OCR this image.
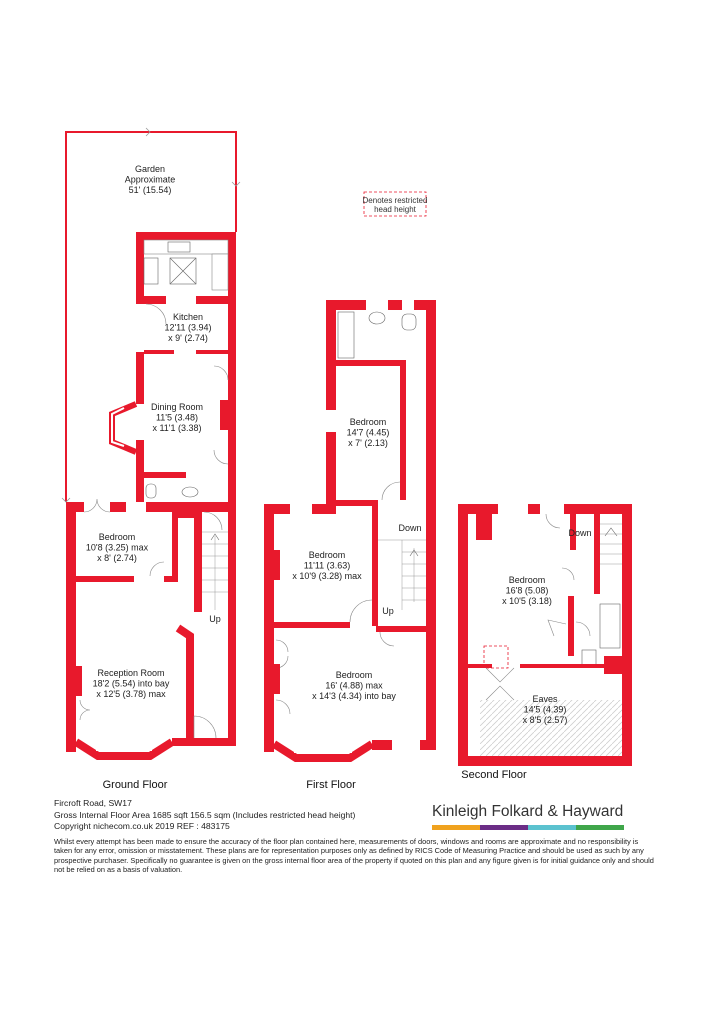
Denotes restricted
head height
Garden Approximate 51' (15.54)
Kitchen 12'11 (3.94) x 9' (2.74)
Dining Room 11'5 (3.48) x 11'1 (3.38)
Bedroom 10'8 (3.25) max x 8' (2.74)
Reception Room 18'2 (5.54) into bay x 12'5 (3.78) max
Bedroom 14'7 (4.45) x 7' (2.13)
Bedroom 11'11 (3.63) x 10'9 (3.28) max
Bedroom 16' (4.88) max x 14'3 (4.34) into bay
Bedroom 16'8 (5.08) x 10'5 (3.18)
Eaves 14'5 (4.39) x 8'5 (2.57)
Up
Down
Up
Down
Ground Floor	First Floor
Second Floor
Fircroft Road, SW17
Gross Internal Floor Area 1685 sqft 156.5 sqm (Includes restricted head height)
Copyright nichecom.co.uk 2019 REF : 483175
Kinleigh Folkard & Hayward
Whilst every attempt has been made to ensure the accuracy of the floor plan contained here, measurements of doors, windows and rooms are approximate and no responsibility is taken for any error, omission or misstatement. These plans are for representation purposes only as defined by RICS Code of Measuring Practice and should be used as such by any prospective purchaser. Specifically no guarantee is given on the gross internal floor area of the property if quoted on this plan and any figure given is for initial guidance only and should not be relied on as a basis of valuation.
